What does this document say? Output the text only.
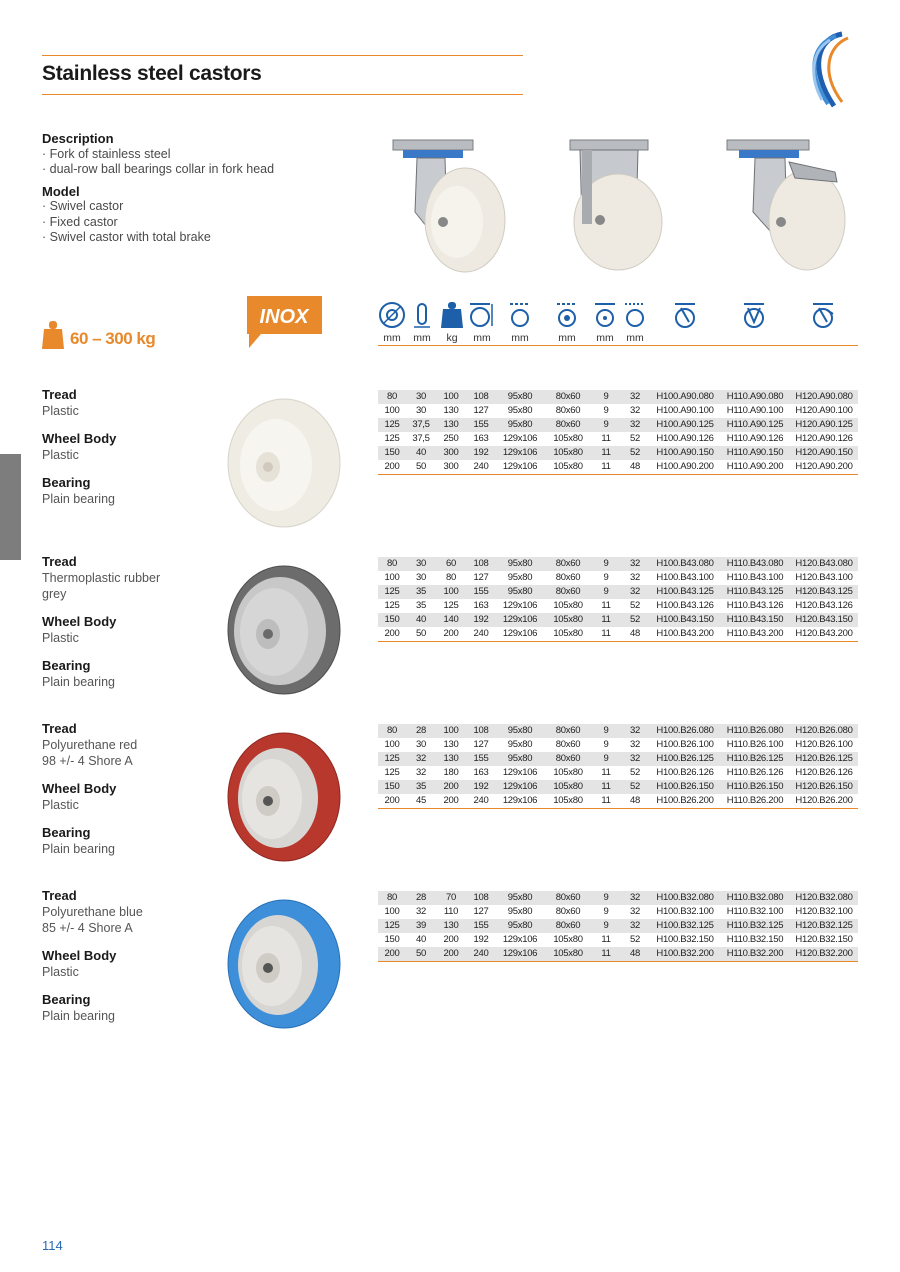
Stainless steel castors
Description
· Fork of stainless steel
· dual-row ball bearings collar in fork head
Model
· Swivel castor
· Fixed castor
· Swivel castor with total brake
60 – 300 kg
INOX
mm	mm	kg	mm	mm	mm	mm	mm
Tread
Plastic
Wheel Body
Plastic
Bearing
Plain bearing
80	30	100	108	95x80	80x60	9	32	H100.A90.080	H110.A90.080	H120.A90.080
100	30	130	127	95x80	80x60	9	32	H100.A90.100	H110.A90.100	H120.A90.100
125	37,5	130	155	95x80	80x60	9	32	H100.A90.125	H110.A90.125	H120.A90.125
125	37,5	250	163	129x106	105x80	11	52	H100.A90.126	H110.A90.126	H120.A90.126
150	40	300	192	129x106	105x80	11	52	H100.A90.150	H110.A90.150	H120.A90.150
200	50	300	240	129x106	105x80	11	48	H100.A90.200	H110.A90.200	H120.A90.200
Tread
Thermoplastic rubber
grey
Wheel Body
Plastic
Bearing
Plain bearing
80	30	60	108	95x80	80x60	9	32	H100.B43.080	H110.B43.080	H120.B43.080
100	30	80	127	95x80	80x60	9	32	H100.B43.100	H110.B43.100	H120.B43.100
125	35	100	155	95x80	80x60	9	32	H100.B43.125	H110.B43.125	H120.B43.125
125	35	125	163	129x106	105x80	11	52	H100.B43.126	H110.B43.126	H120.B43.126
150	40	140	192	129x106	105x80	11	52	H100.B43.150	H110.B43.150	H120.B43.150
200	50	200	240	129x106	105x80	11	48	H100.B43.200	H110.B43.200	H120.B43.200
Tread
Polyurethane red
98 +/- 4 Shore A
Wheel Body
Plastic
Bearing
Plain bearing
80	28	100	108	95x80	80x60	9	32	H100.B26.080	H110.B26.080	H120.B26.080
100	30	130	127	95x80	80x60	9	32	H100.B26.100	H110.B26.100	H120.B26.100
125	32	130	155	95x80	80x60	9	32	H100.B26.125	H110.B26.125	H120.B26.125
125	32	180	163	129x106	105x80	11	52	H100.B26.126	H110.B26.126	H120.B26.126
150	35	200	192	129x106	105x80	11	52	H100.B26.150	H110.B26.150	H120.B26.150
200	45	200	240	129x106	105x80	11	48	H100.B26.200	H110.B26.200	H120.B26.200
Tread
Polyurethane blue
85 +/- 4 Shore A
Wheel Body
Plastic
Bearing
Plain bearing
80	28	70	108	95x80	80x60	9	32	H100.B32.080	H110.B32.080	H120.B32.080
100	32	110	127	95x80	80x60	9	32	H100.B32.100	H110.B32.100	H120.B32.100
125	39	130	155	95x80	80x60	9	32	H100.B32.125	H110.B32.125	H120.B32.125
150	40	200	192	129x106	105x80	11	52	H100.B32.150	H110.B32.150	H120.B32.150
200	50	200	240	129x106	105x80	11	48	H100.B32.200	H110.B32.200	H120.B32.200
114
